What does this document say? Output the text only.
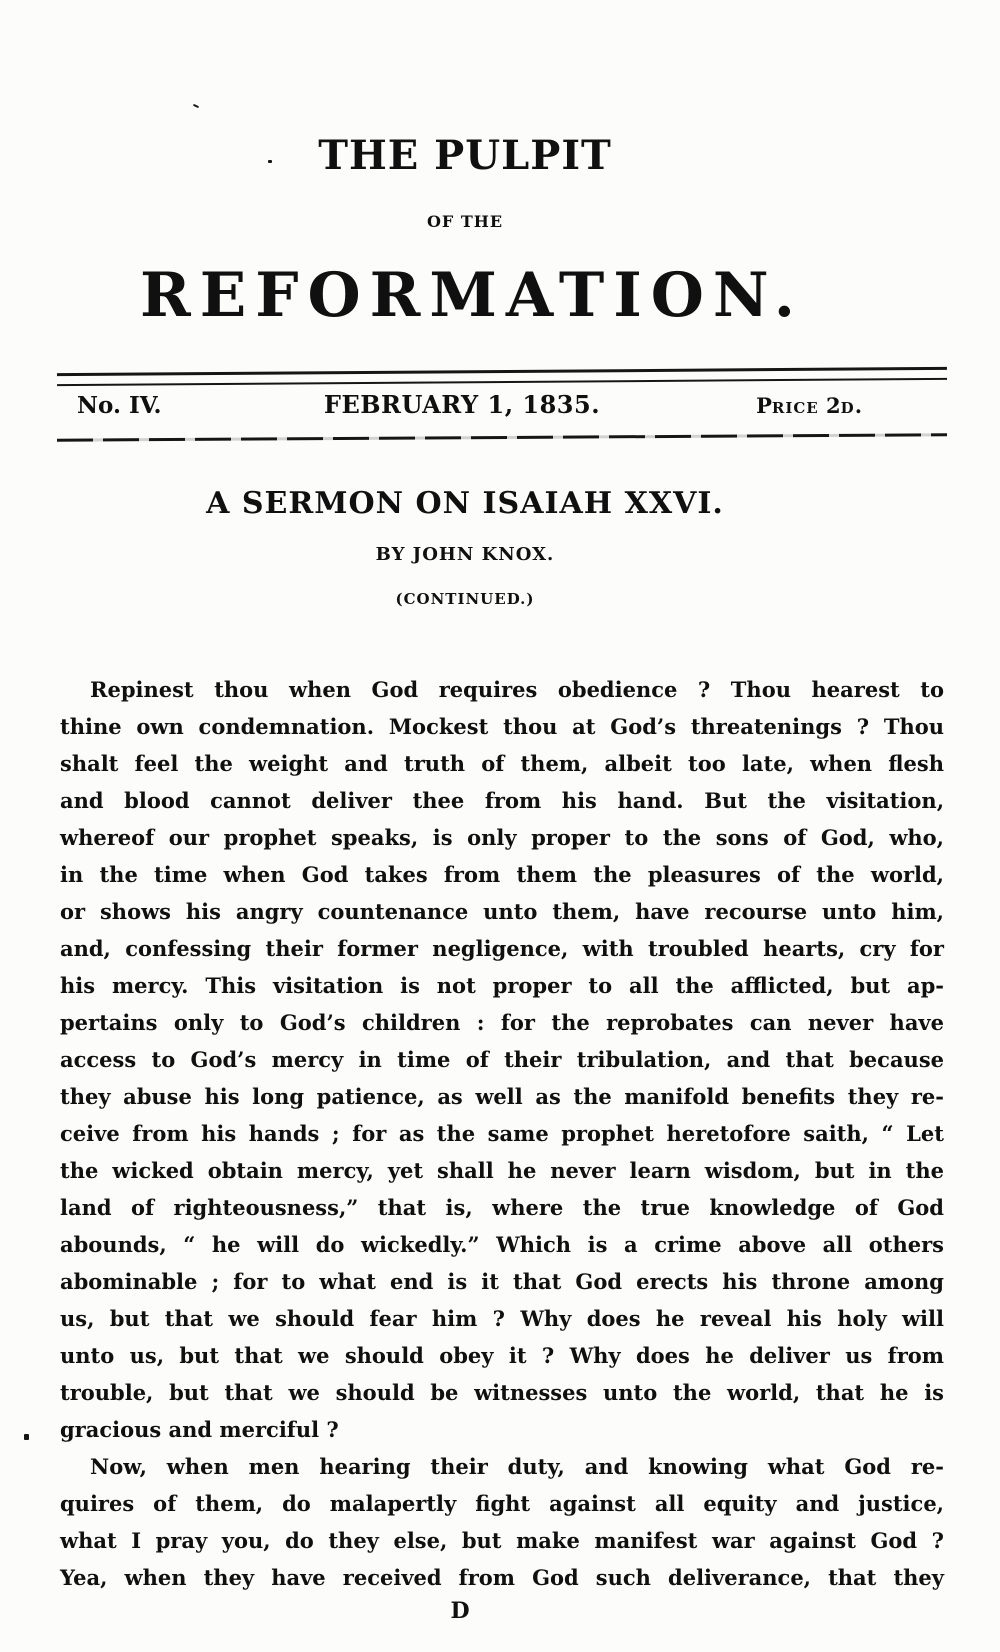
THE PULPIT
OF THE
REFORMATION.
No. IV.	FEBRUARY 1, 1835.	PRICE 2D.
A SERMON ON ISAIAH XXVI.
BY JOHN KNOX.
(CONTINUED.)
Repinest thou when God requires obedience ? Thou hearest to
thine own condemnation. Mockest thou at God’s threatenings ? Thou
shalt feel the weight and truth of them, albeit too late, when flesh
and blood cannot deliver thee from his hand. But the visitation,
whereof our prophet speaks, is only proper to the sons of God, who,
in the time when God takes from them the pleasures of the world,
or shows his angry countenance unto them, have recourse unto him,
and, confessing their former negligence, with troubled hearts, cry for
his mercy. This visitation is not proper to all the afflicted, but ap-
pertains only to God’s children : for the reprobates can never have
access to God’s mercy in time of their tribulation, and that because
they abuse his long patience, as well as the manifold benefits they re-
ceive from his hands ; for as the same prophet heretofore saith, “ Let
the wicked obtain mercy, yet shall he never learn wisdom, but in the
land of righteousness,” that is, where the true knowledge of God
abounds, “ he will do wickedly.” Which is a crime above all others
abominable ; for to what end is it that God erects his throne among
us, but that we should fear him ? Why does he reveal his holy will
unto us, but that we should obey it ? Why does he deliver us from
trouble, but that we should be witnesses unto the world, that he is
gracious and merciful ?
Now, when men hearing their duty, and knowing what God re-
quires of them, do malapertly fight against all equity and justice,
what I pray you, do they else, but make manifest war against God ?
Yea, when they have received from God such deliverance, that they
D
